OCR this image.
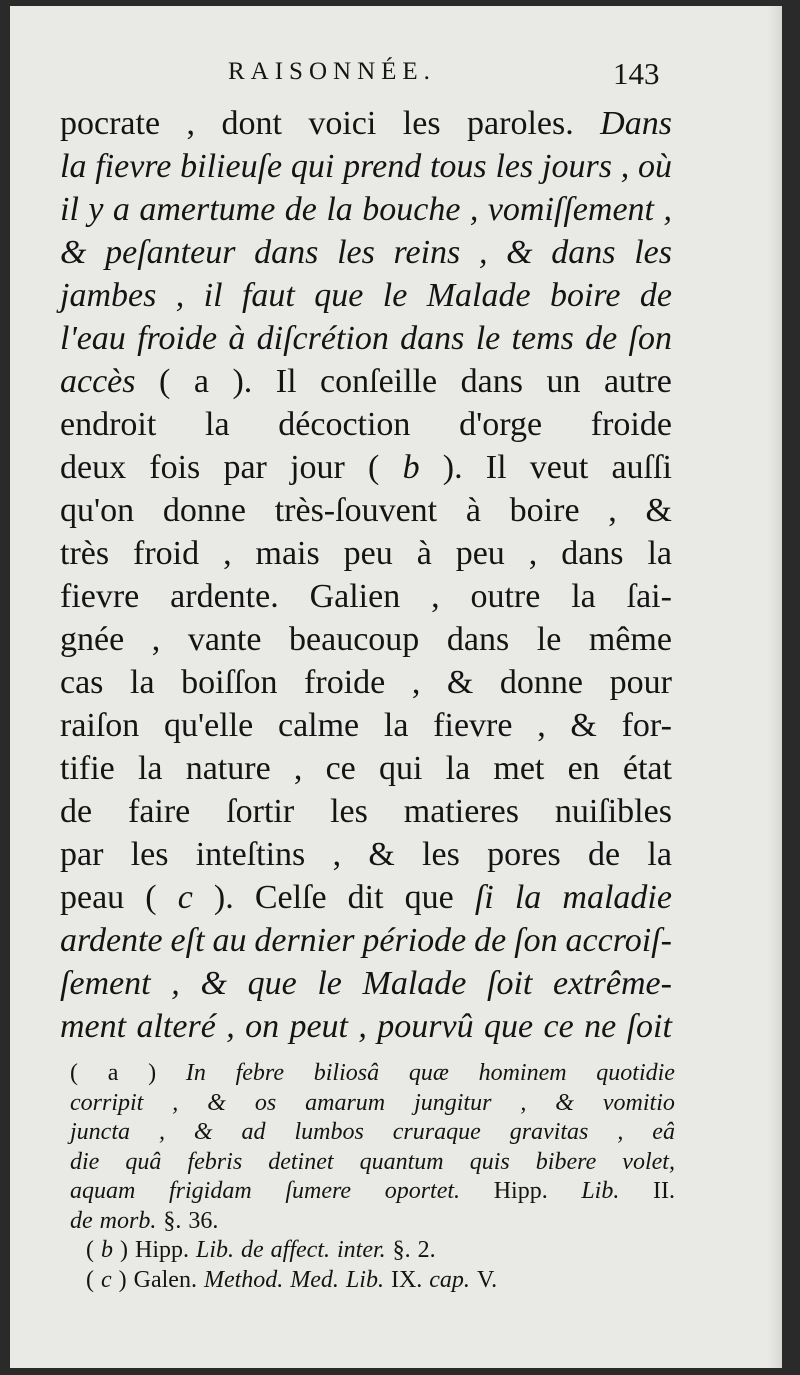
RAISONNÉE.	143
pocrate , dont voici les paroles. Dans
la fievre bilieuſe qui prend tous les jours , où
il y a amertume de la bouche , vomiſſement ,
& peſanteur dans les reins , & dans les
jambes , il faut que le Malade boire de
l'eau froide à diſcrétion dans le tems de ſon
accès ( a ). Il conſeille dans un autre
endroit la décoction d'orge froide
deux fois par jour ( b ). Il veut auſſi
qu'on donne très-ſouvent à boire , &
très froid , mais peu à peu , dans la
fievre ardente. Galien , outre la ſai-
gnée , vante beaucoup dans le même
cas la boiſſon froide , & donne pour
raiſon qu'elle calme la fievre , & for-
tifie la nature , ce qui la met en état
de faire ſortir les matieres nuiſibles
par les inteſtins , & les pores de la
peau ( c ). Celſe dit que ſi la maladie
ardente eſt au dernier période de ſon accroiſ-
ſement , & que le Malade ſoit extrême-
ment alteré , on peut , pourvû que ce ne ſoit
( a ) In febre biliosâ quæ hominem quotidie
corripit , & os amarum jungitur , & vomitio
juncta , & ad lumbos cruraque gravitas , eâ
die quâ febris detinet quantum quis bibere volet,
aquam frigidam ſumere oportet. Hipp. Lib. II.
de morb. §. 36.
( b ) Hipp. Lib. de affect. inter. §. 2.
( c ) Galen. Method. Med. Lib. IX. cap. V.
